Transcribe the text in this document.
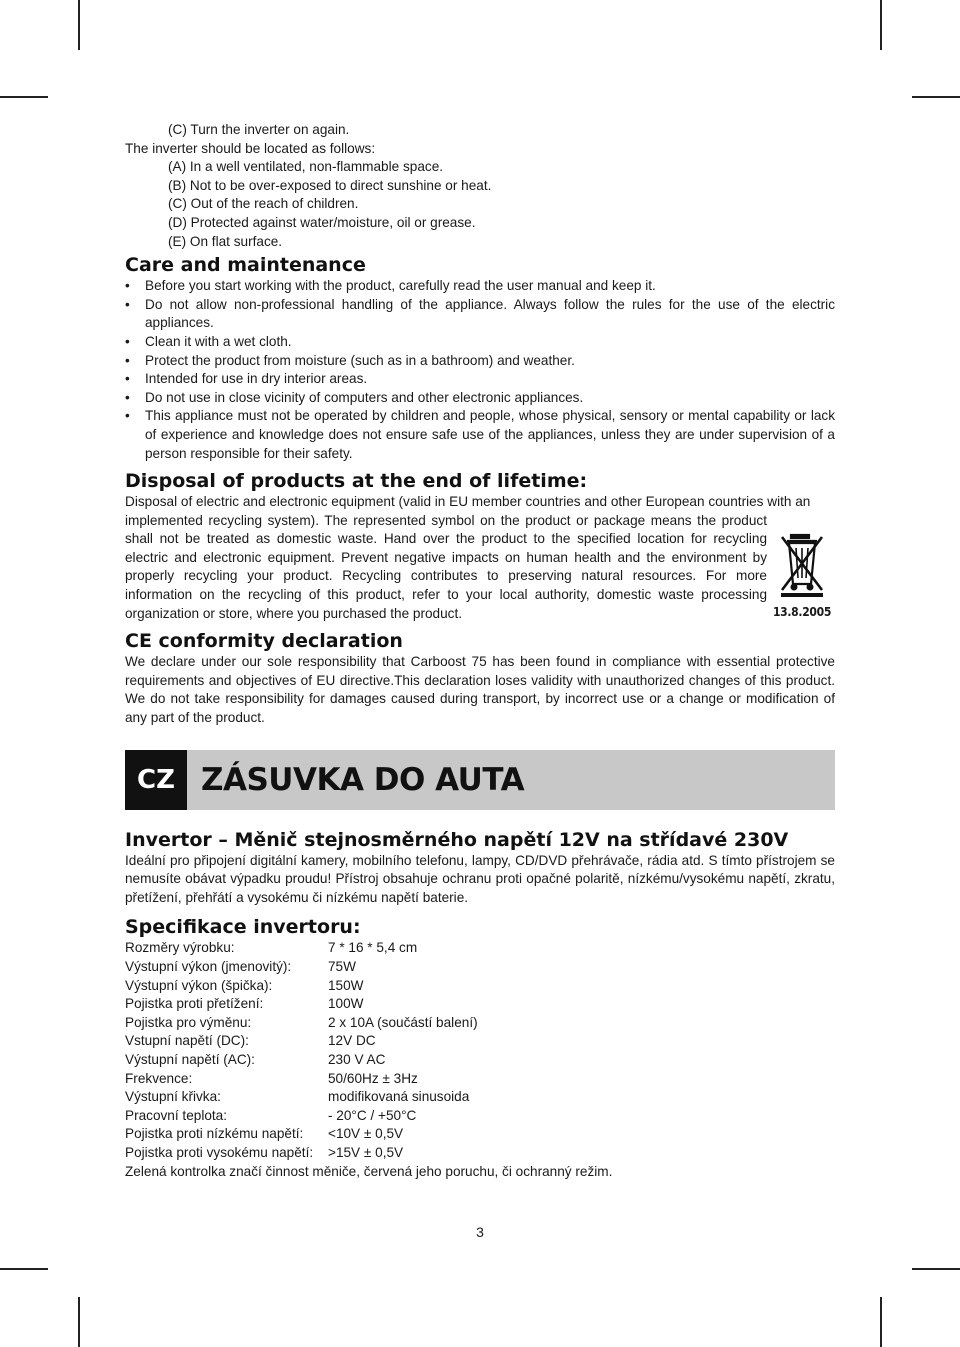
(C) Turn the inverter on again.
The inverter should be located as follows:
(A) In a well ventilated, non-flammable space.
(B) Not to be over-exposed to direct sunshine or heat.
(C) Out of the reach of children.
(D) Protected against water/moisture, oil or grease.
(E) On flat surface.
Care and maintenance
•	Before you start working with the product, carefully read the user manual and keep it.
•	Do not allow non-professional handling of the appliance. Always follow the rules for the use of the electric appliances.
•	Clean it with a wet cloth.
•	Protect the product from moisture (such as in a bathroom) and weather.
•	Intended for use in dry interior areas.
•	Do not use in close vicinity of computers and other electronic appliances.
•	This appliance must not be operated by children and people, whose physical, sensory or mental capability or lack of experience and knowledge does not ensure safe use of the appliances, unless they are under supervision of a person responsible for their safety.
Disposal of products at the end of lifetime:
Disposal of electric and electronic equipment (valid in EU member countries and other European countries with an
implemented recycling system). The represented symbol on the product or package means the product shall not be treated as domestic waste. Hand over the product to the specified location for recycling electric and electronic equipment. Prevent negative impacts on human health and the environment by properly recycling your product. Recycling contributes to preserving natural resources. For more information on the recycling of this product, refer to your local authority, domestic waste processing organization or store, where you purchased the product.	13.8.2005
CE conformity declaration
We declare under our sole responsibility that Carboost 75 has been found in compliance with essential protective requirements and objectives of EU directive.This declaration loses validity with unauthorized changes of this product. We do not take responsibility for damages caused during transport, by incorrect use or a change or modification of any part of the product.
CZ ZÁSUVKA DO AUTA
Invertor – Měnič stejnosměrného napětí 12V na střídavé 230V
Ideální pro připojení digitální kamery, mobilního telefonu, lampy, CD/DVD přehrávače, rádia atd. S tímto přístrojem se nemusíte obávat výpadku proudu! Přístroj obsahuje ochranu proti opačné polaritě, nízkému/vysokému napětí, zkratu, přetížení, přehřátí a vysokému či nízkému napětí baterie.
Specifikace invertoru:
Rozměry výrobku:	7 * 16 * 5,4 cm
Výstupní výkon (jmenovitý):	75W
Výstupní výkon (špička):	150W
Pojistka proti přetížení:	100W
Pojistka pro výměnu:	2 x 10A (součástí balení)
Vstupní napětí (DC):	12V DC
Výstupní napětí (AC):	230 V AC
Frekvence:	50/60Hz ± 3Hz
Výstupní křivka:	modifikovaná sinusoida
Pracovní teplota:	- 20°C / +50°C
Pojistka proti nízkému napětí:	<10V ± 0,5V
Pojistka proti vysokému napětí:	>15V ± 0,5V
Zelená kontrolka značí činnost měniče, červená jeho poruchu, či ochranný režim.
3
